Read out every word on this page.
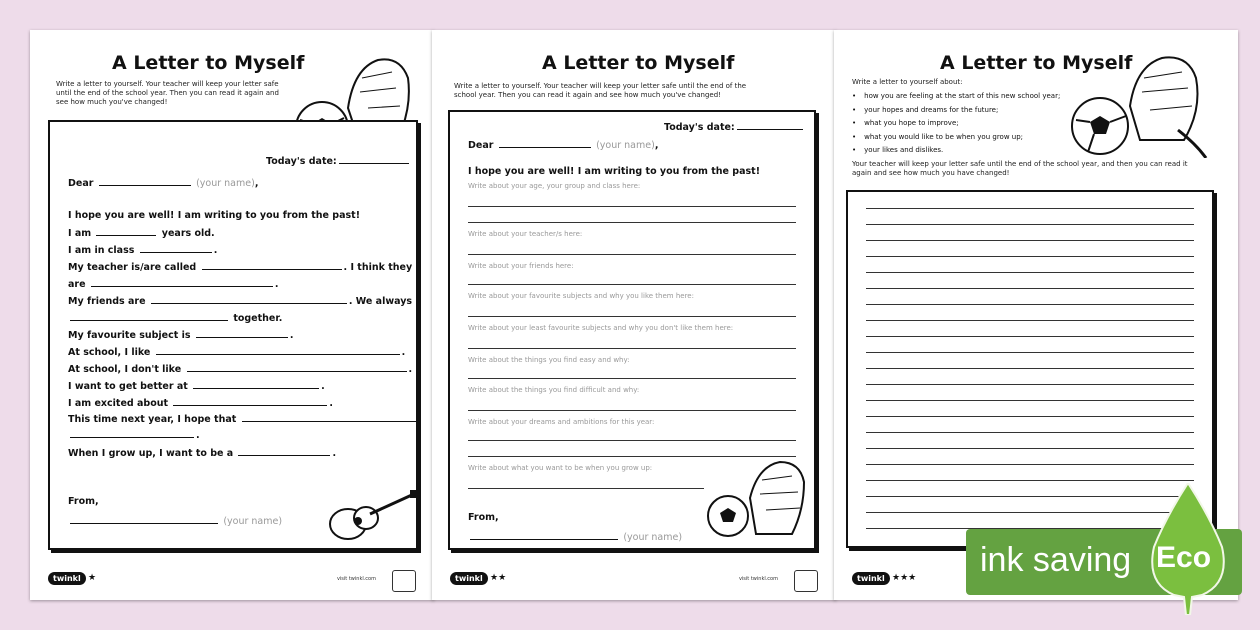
A Letter to Myself
Write a letter to yourself. Your teacher will keep your letter safe until the end of the school year. Then you can read it again and see how much you've changed!
Today's date:
Dear	(your name),
I hope you are well! I am writing to you from the past!
I am	years old.
I am in class	.
My teacher is/are called	. I think they
are	.
My friends are	. We always
together.
My favourite subject is	.
At school, I like	.
At school, I don't like	.
I want to get better at	.
I am excited about	.
This time next year, I hope that
.
When I grow up, I want to be a	.
From,
(your name)
twinkl ★	visit twinkl.com
A Letter to Myself
Write a letter to yourself. Your teacher will keep your letter safe until the end of the school year. Then you can read it again and see how much you've changed!
Today's date:
Dear	(your name),
I hope you are well! I am writing to you from the past!
Write about your age, your group and class here:
Write about your teacher/s here:
Write about your friends here:
Write about your favourite subjects and why you like them here:
Write about your least favourite subjects and why you don't like them here:
Write about the things you find easy and why:
Write about the things you find difficult and why:
Write about your dreams and ambitions for this year:
Write about what you want to be when you grow up:
From,
(your name)
twinkl ★★	visit twinkl.com
A Letter to Myself
Write a letter to yourself about:
• how you are feeling at the start of this new school year;
• your hopes and dreams for the future;
• what you hope to improve;
• what you would like to be when you grow up;
• your likes and dislikes.
Your teacher will keep your letter safe until the end of the school year, and then you can read it again and see how much you have changed!
twinkl ★★★ ink saving Eco
